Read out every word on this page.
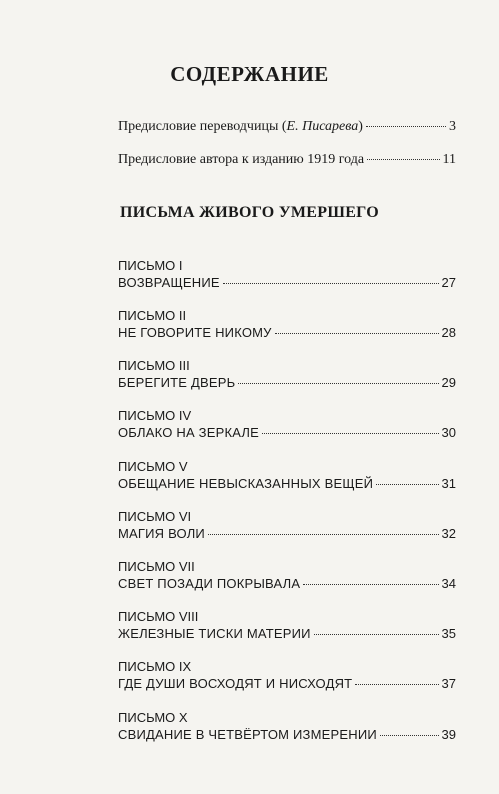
СОДЕРЖАНИЕ
Предисловие переводчицы (Е. Писарева)	3
Предисловие автора к изданию 1919 года	11
ПИСЬМА ЖИВОГО УМЕРШЕГО
ПИСЬМО I
ВОЗВРАЩЕНИЕ	27
ПИСЬМО II
НЕ ГОВОРИТЕ НИКОМУ	28
ПИСЬМО III
БЕРЕГИТЕ ДВЕРЬ	29
ПИСЬМО IV
ОБЛАКО НА ЗЕРКАЛЕ	30
ПИСЬМО V
ОБЕЩАНИЕ НЕВЫСКАЗАННЫХ ВЕЩЕЙ	31
ПИСЬМО VI
МАГИЯ ВОЛИ	32
ПИСЬМО VII
СВЕТ ПОЗАДИ ПОКРЫВАЛА	34
ПИСЬМО VIII
ЖЕЛЕЗНЫЕ ТИСКИ МАТЕРИИ	35
ПИСЬМО IX
ГДЕ ДУШИ ВОСХОДЯТ И НИСХОДЯТ	37
ПИСЬМО X
СВИДАНИЕ В ЧЕТВЁРТОМ ИЗМЕРЕНИИ	39
